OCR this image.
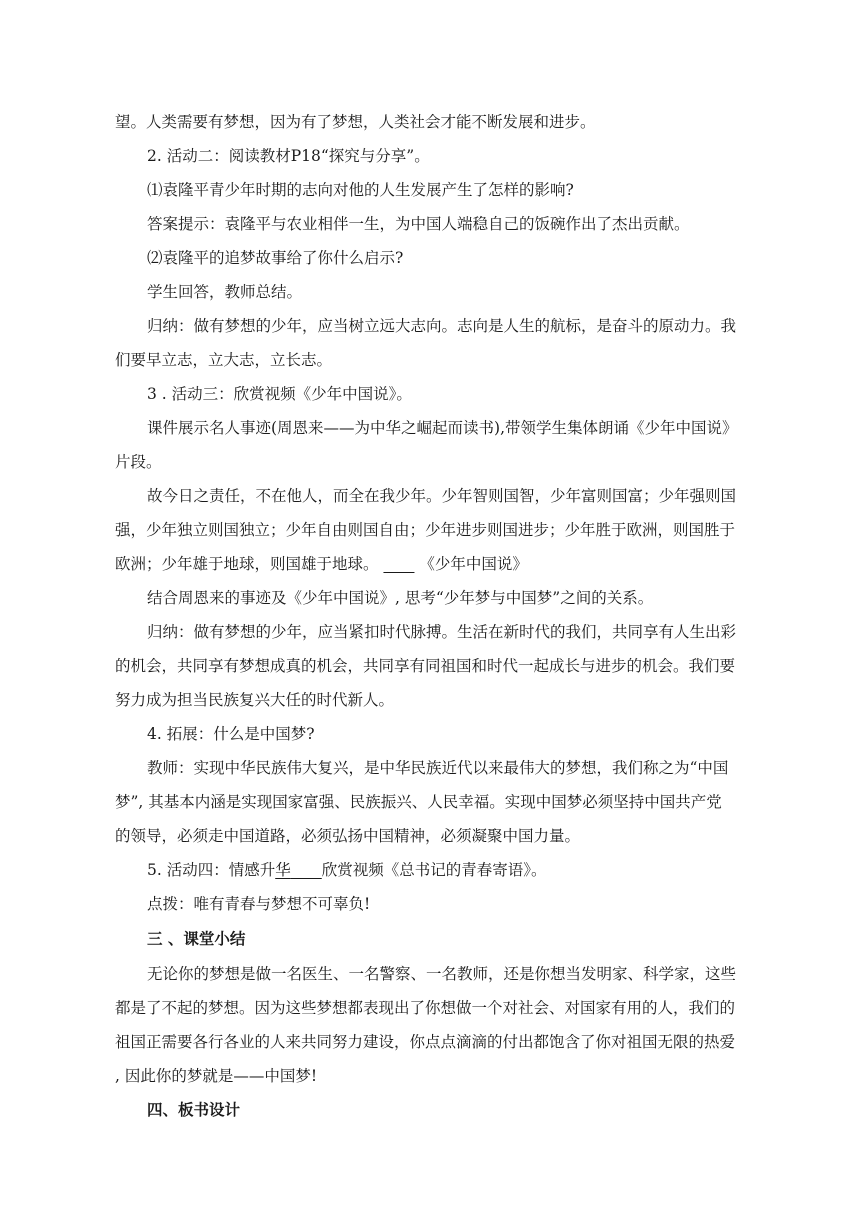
望。人类需要有梦想，因为有了梦想，人类社会才能不断发展和进步。
2. 活动二：阅读教材P18“探究与分享”。
⑴袁隆平青少年时期的志向对他的人生发展产生了怎样的影响?
答案提示：袁隆平与农业相伴一生，为中国人端稳自己的饭碗作出了杰出贡献。
⑵袁隆平的追梦故事给了你什么启示?
学生回答，教师总结。
归纳：做有梦想的少年，应当树立远大志向。志向是人生的航标，是奋斗的原动力。我
们要早立志，立大志，立长志。
3 . 活动三：欣赏视频《少年中国说》。
课件展示名人事迹(周恩来——为中华之崛起而读书),带领学生集体朗诵《少年中国说》
片段。
故今日之责任，不在他人，而全在我少年。少年智则国智，少年富则国富；少年强则国
强，少年独立则国独立；少年自由则国自由；少年进步则国进步；少年胜于欧洲，则国胜于
欧洲；少年雄于地球，则国雄于地球。 　　	《少年中国说》
结合周恩来的事迹及《少年中国说》, 思考“少年梦与中国梦”之间的关系。
归纳：做有梦想的少年，应当紧扣时代脉搏。生活在新时代的我们，共同享有人生出彩
的机会，共同享有梦想成真的机会，共同享有同祖国和时代一起成长与进步的机会。我们要
努力成为担当民族复兴大任的时代新人。
4. 拓展：什么是中国梦?
教师：实现中华民族伟大复兴，是中华民族近代以来最伟大的梦想，我们称之为“中国
梦”, 其基本内涵是实现国家富强、民族振兴、人民幸福。实现中国梦必须坚持中国共产党
的领导，必须走中国道路，必须弘扬中国精神，必须凝聚中国力量。
5. 活动四：情感升华　　 欣赏视频《总书记的青春寄语》。
点拨：唯有青春与梦想不可辜负!
三 、课堂小结
无论你的梦想是做一名医生、一名警察、一名教师，还是你想当发明家、科学家，这些
都是了不起的梦想。因为这些梦想都表现出了你想做一个对社会、对国家有用的人，我们的
祖国正需要各行各业的人来共同努力建设，你点点滴滴的付出都饱含了你对祖国无限的热爱
, 因此你的梦就是——中国梦!
四、板书设计
